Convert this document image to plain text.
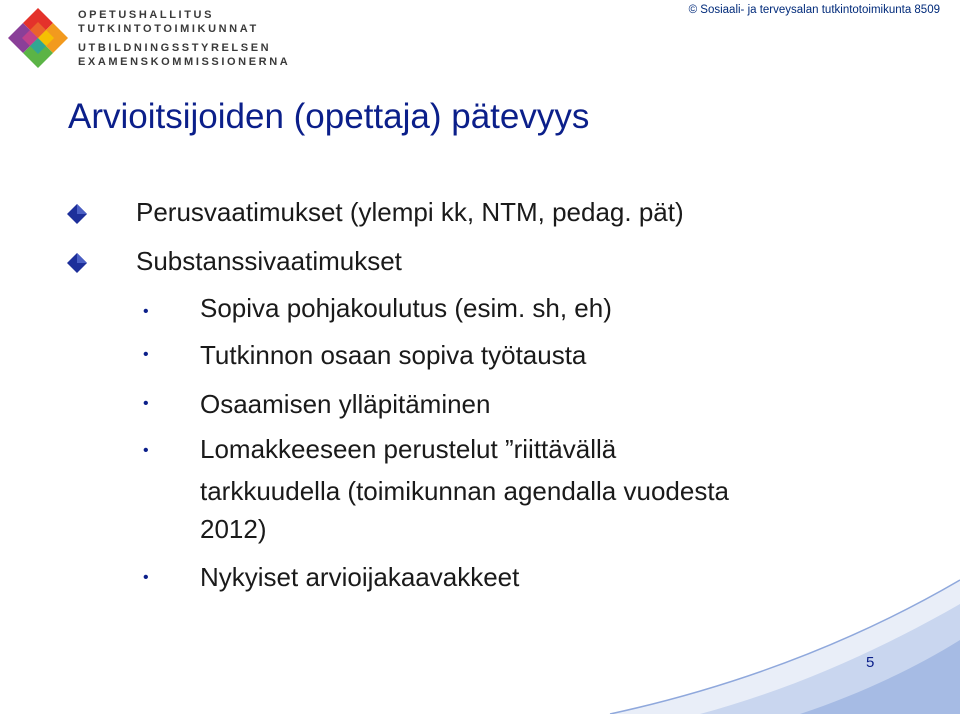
OPETUSHALLITUS
TUTKINTOTOIMIKUNNAT
UTBILDNINGSSTYRELSEN
EXAMENSKOMMISSIONERNA
© Sosiaali- ja terveysalan tutkintotoimikunta 8509
Arvioitsijoiden (opettaja) pätevyys
Perusvaatimukset (ylempi kk, NTM, pedag. pät)
Substanssivaatimukset
• Sopiva pohjakoulutus (esim. sh, eh)
• Tutkinnon osaan sopiva työtausta
• Osaamisen ylläpitäminen
• Lomakkeeseen perustelut ”riittävällä
tarkkuudella (toimikunnan agendalla vuodesta
2012)
• Nykyiset arvioijakaavakkeet
5
